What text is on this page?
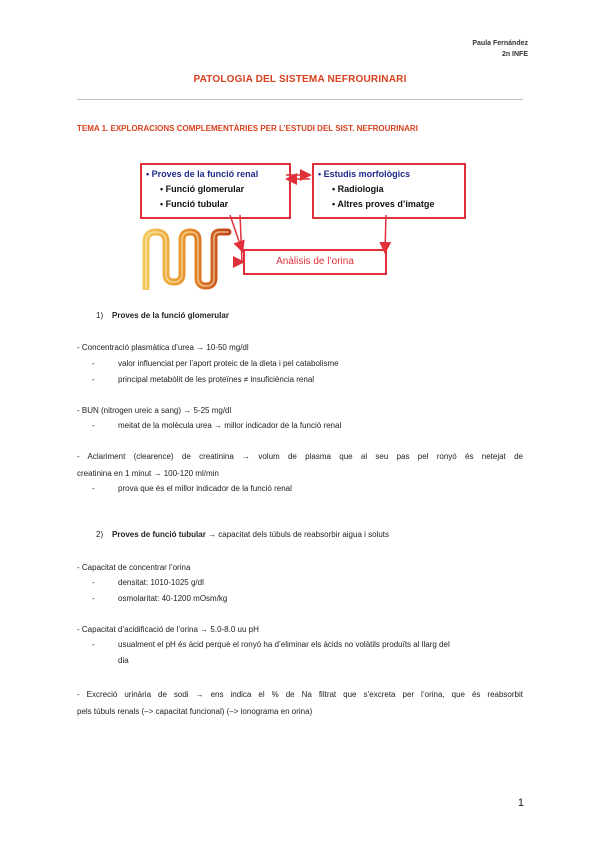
Paula Fernández
2n INFE
PATOLOGIA DEL SISTEMA NEFROURINARI
TEMA 1. EXPLORACIONS COMPLEMENTÀRIES PER L’ESTUDI DEL SIST. NEFROURINARI
• Proves de la funció renal
• Funció glomerular
• Funció tubular
• Estudis morfològics
• Radiologia
• Altres proves d’imatge
Anàlisis de l’orina
1) Proves de la funció glomerular
- Concentració plasmàtica d’urea → 10-50 mg/dl
-	valor influenciat per l’aport proteic de la dieta i pel catabolisme
-	principal metabòlit de les proteïnes ≠ insuficiència renal
- BUN (nitrogen ureic a sang) → 5-25 mg/dl
-	meitat de la molècula urea → millor indicador de la funció renal
- Aclariment (clearence) de creatinina → volum de plasma que al seu pas pel ronyó és netejat de
creatinina en 1 minut → 100-120 ml/min
-	prova que és el millor indicador de la funció renal
2) Proves de funció tubular → capacitat dels túbuls de reabsorbir aigua i soluts
- Capacitat de concentrar l’orina
-	densitat: 1010-1025 g/dl
-	osmolaritat: 40-1200 mOsm/kg
- Capacitat d’acidificació de l’orina → 5.0-8.0 uu pH
-	usualment el pH és àcid perquè el ronyó ha d’eliminar els àcids no volàtils produïts al llarg del
dia
- Excreció urinària de sodi → ens indica el % de Na filtrat que s’excreta per l’orina, que és reabsorbit
pels túbuls renals (–> capacitat funcional) (–> ionograma en orina)
1
